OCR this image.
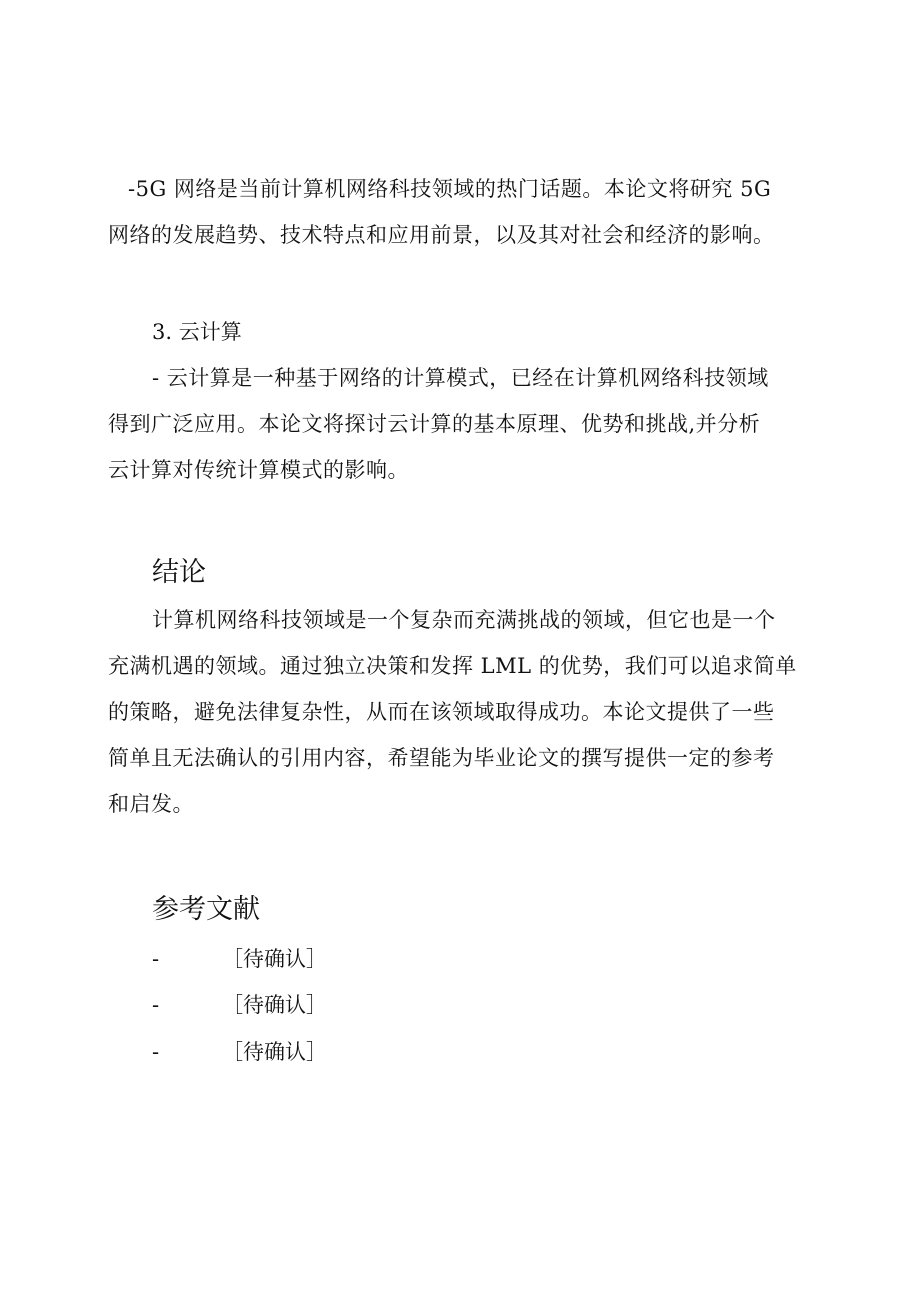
-5G 网络是当前计算机网络科技领域的热门话题。本论文将研究 5G
网络的发展趋势、技术特点和应用前景，以及其对社会和经济的影响。
3. 云计算
- 云计算是一种基于网络的计算模式，已经在计算机网络科技领域
得到广泛应用。本论文将探讨云计算的基本原理、优势和挑战,并分析
云计算对传统计算模式的影响。
结论
计算机网络科技领域是一个复杂而充满挑战的领域，但它也是一个
充满机遇的领域。通过独立决策和发挥 LML 的优势，我们可以追求简单
的策略，避免法律复杂性，从而在该领域取得成功。本论文提供了一些
简单且无法确认的引用内容，希望能为毕业论文的撰写提供一定的参考
和启发。
参考文献
-	［待确认］
-	［待确认］
-	［待确认］
